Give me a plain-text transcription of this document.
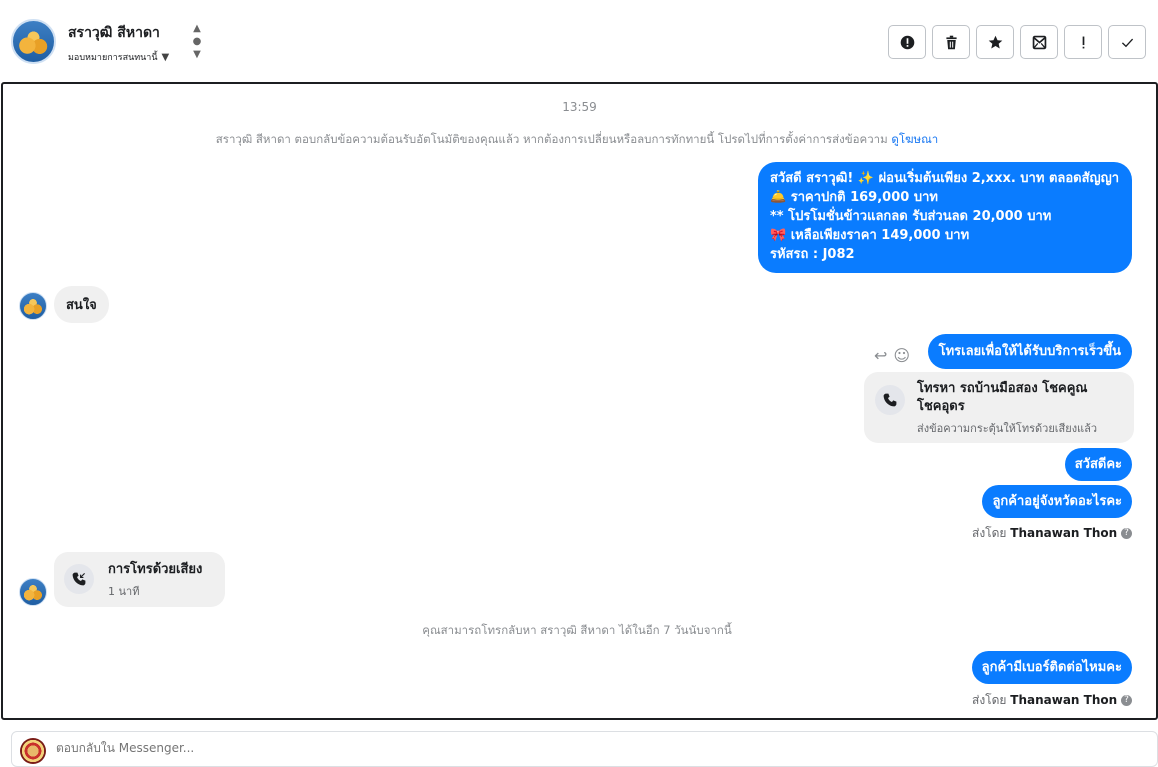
สราวุฒิ สีหาดา
มอบหมายการสนทนานี้ ▼
▲
●
▼
13:59
สราวุฒิ สีหาดา ตอบกลับข้อความต้อนรับอัตโนมัติของคุณแล้ว หากต้องการเปลี่ยนหรือลบการทักทายนี้ โปรดไปที่การตั้งค่าการส่งข้อความ ดูโฆษณา
สวัสดี สราวุฒิ! ✨ ผ่อนเริ่มต้นเพียง 2,xxx. บาท ตลอดสัญญา
🛎️ ราคาปกติ 169,000 บาท
** โปรโมชั่นข้าวแลกลด รับส่วนลด 20,000 บาท
🎀 เหลือเพียงราคา 149,000 บาท
รหัสรถ : J082
สนใจ
↩ ☺	โทรเลยเพื่อให้ได้รับบริการเร็วขึ้น
โทรหา รถบ้านมือสอง โชคคูณ
โชคอุดร
ส่งข้อความกระตุ้นให้โทรด้วยเสียงแล้ว
สวัสดีคะ
ลูกค้าอยู่จังหวัดอะไรคะ
ส่งโดย Thanawan Thon ?
การโทรด้วยเสียง
1 นาที
คุณสามารถโทรกลับหา สราวุฒิ สีหาดา ได้ในอีก 7 วันนับจากนี้
ลูกค้ามีเบอร์ติดต่อไหมคะ
ส่งโดย Thanawan Thon ?
ตอบกลับใน Messenger...
